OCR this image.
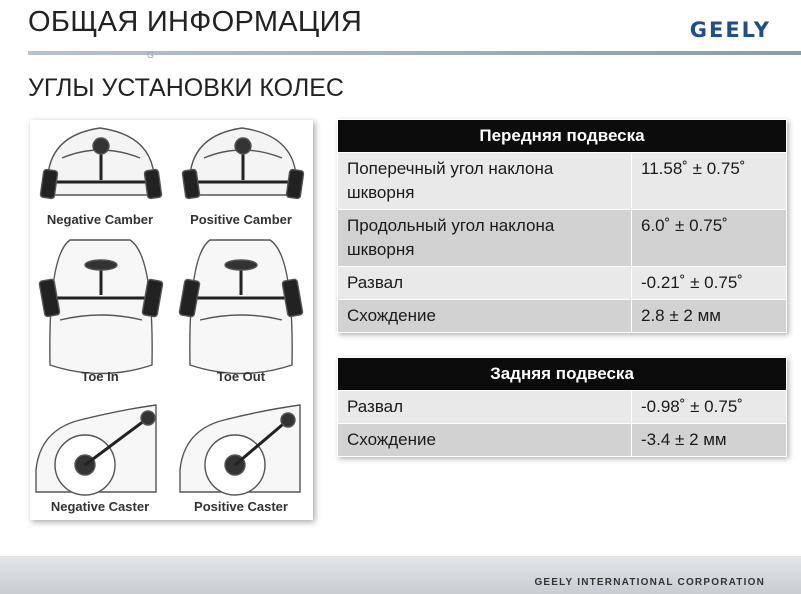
ОБЩАЯ ИНФОРМАЦИЯ	GEELY
G
УГЛЫ УСТАНОВКИ КОЛЕС
Negative Camber	Positive Camber
Toe In	Toe Out
Negative Caster	Positive Caster
Передняя подвеска	
Поперечный угол наклона шкворня	11.58˚ ± 0.75˚
Продольный угол наклона шкворня	6.0˚ ± 0.75˚
Развал	-0.21˚ ± 0.75˚
Схождение	2.8 ± 2 мм
Задняя подвеска	
Развал	-0.98˚ ± 0.75˚
Схождение	-3.4 ± 2 мм
GEELY INTERNATIONAL CORPORATION
